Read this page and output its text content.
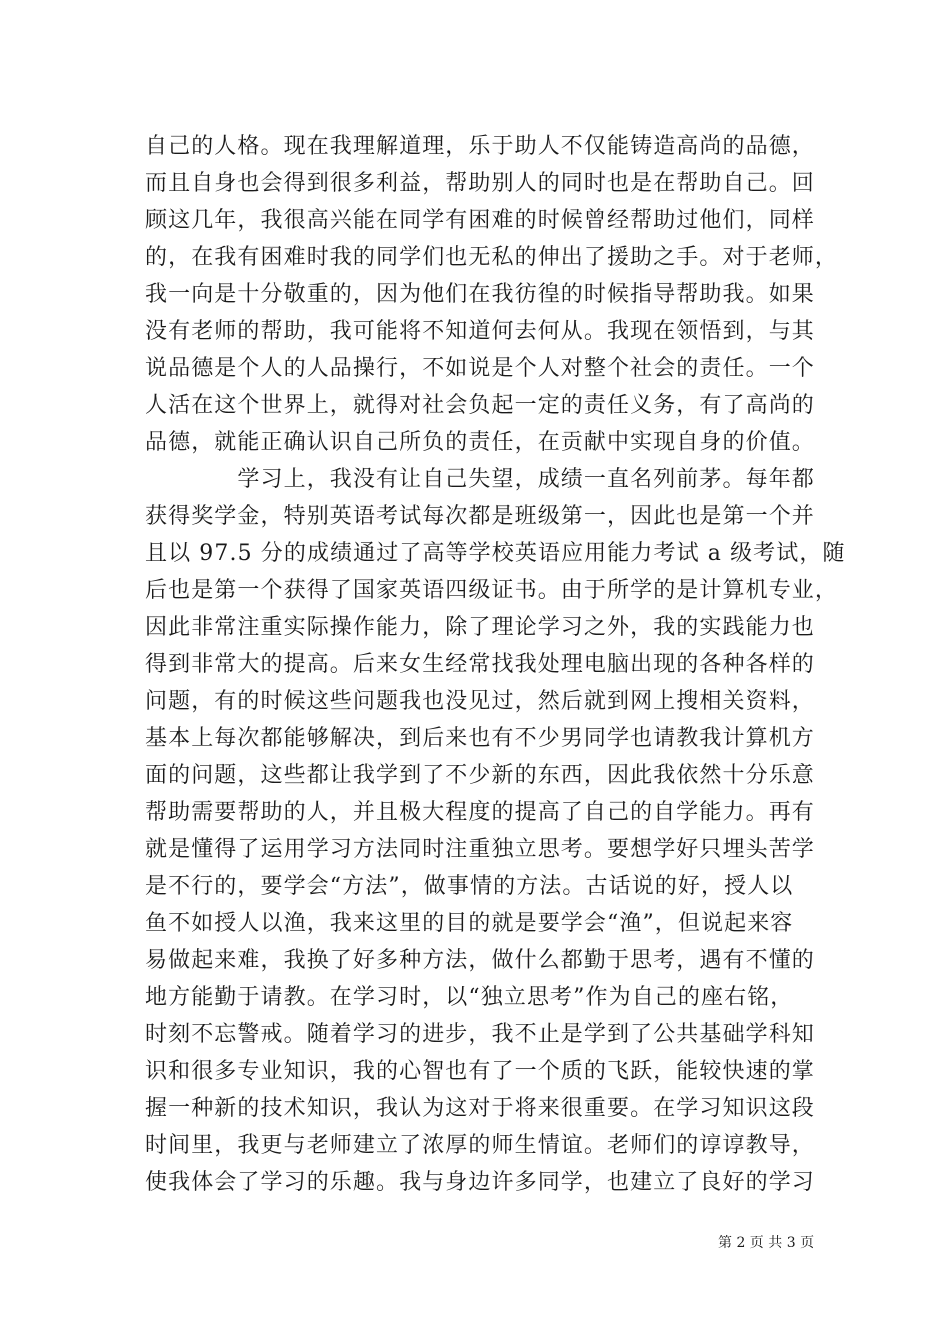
自己的人格。现在我理解道理，乐于助人不仅能铸造高尚的品德，
而且自身也会得到很多利益，帮助别人的同时也是在帮助自己。回
顾这几年，我很高兴能在同学有困难的时候曾经帮助过他们，同样
的，在我有困难时我的同学们也无私的伸出了援助之手。对于老师，
我一向是十分敬重的，因为他们在我彷徨的时候指导帮助我。如果
没有老师的帮助，我可能将不知道何去何从。我现在领悟到，与其
说品德是个人的人品操行，不如说是个人对整个社会的责任。一个
人活在这个世界上，就得对社会负起一定的责任义务，有了高尚的
品德，就能正确认识自己所负的责任，在贡献中实现自身的价值。
　　　　学习上，我没有让自己失望，成绩一直名列前茅。每年都
获得奖学金，特别英语考试每次都是班级第一，因此也是第一个并
且以 97.5 分的成绩通过了高等学校英语应用能力考试 a 级考试，随
后也是第一个获得了国家英语四级证书。由于所学的是计算机专业，
因此非常注重实际操作能力，除了理论学习之外，我的实践能力也
得到非常大的提高。后来女生经常找我处理电脑出现的各种各样的
问题，有的时候这些问题我也没见过，然后就到网上搜相关资料，
基本上每次都能够解决，到后来也有不少男同学也请教我计算机方
面的问题，这些都让我学到了不少新的东西，因此我依然十分乐意
帮助需要帮助的人，并且极大程度的提高了自己的自学能力。再有
就是懂得了运用学习方法同时注重独立思考。要想学好只埋头苦学
是不行的，要学会“方法”，做事情的方法。古话说的好，授人以
鱼不如授人以渔，我来这里的目的就是要学会“渔”，但说起来容
易做起来难，我换了好多种方法，做什么都勤于思考，遇有不懂的
地方能勤于请教。在学习时，以“独立思考”作为自己的座右铭，
时刻不忘警戒。随着学习的进步，我不止是学到了公共基础学科知
识和很多专业知识，我的心智也有了一个质的飞跃，能较快速的掌
握一种新的技术知识，我认为这对于将来很重要。在学习知识这段
时间里，我更与老师建立了浓厚的师生情谊。老师们的谆谆教导，
使我体会了学习的乐趣。我与身边许多同学，也建立了良好的学习
第 2 页 共 3 页
